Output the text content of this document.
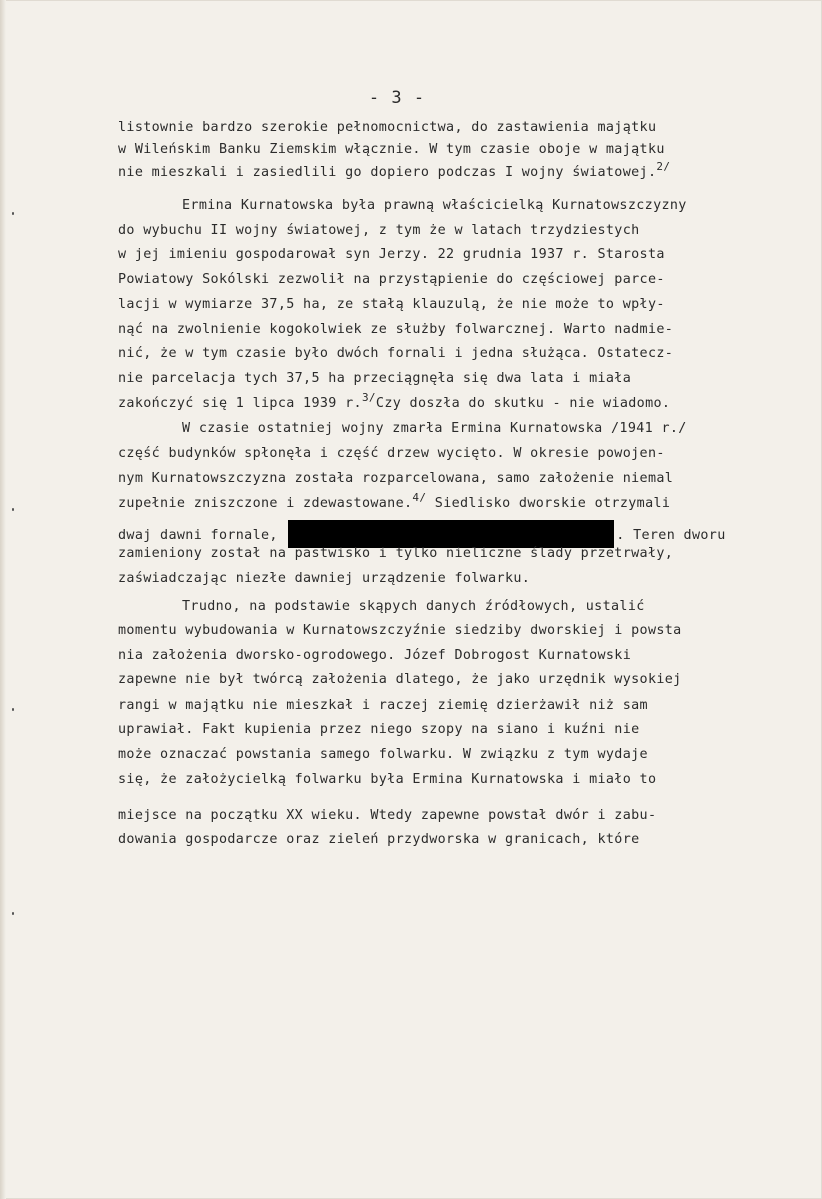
- 3 -
listownie bardzo szerokie pełnomocnictwa, do zastawienia majątku
w Wileńskim Banku Ziemskim włącznie. W tym czasie oboje w majątku
nie mieszkali i zasiedlili go dopiero podczas I wojny światowej.$^{2/}$
Ermina Kurnatowska była prawną właścicielką Kurnatowszczyzny
do wybuchu II wojny światowej, z tym że w latach trzydziestych
w jej imieniu gospodarował syn Jerzy. 22 grudnia 1937 r. Starosta
Powiatowy Sokólski zezwolił na przystąpienie do częściowej parce-
lacji w wymiarze 37,5 ha, ze stałą klauzulą, że nie może to wpły-
nąć na zwolnienie kogokolwiek ze służby folwarcznej. Warto nadmie-
nić, że w tym czasie było dwóch fornali i jedna służąca. Ostatecz-
nie parcelacja tych 37,5 ha przeciągnęła się dwa lata i miała
zakończyć się 1 lipca 1939 r.$^{3/}$Czy doszła do skutku - nie wiadomo.
W czasie ostatniej wojny zmarła Ermina Kurnatowska /1941 r./
część budynków spłonęła i część drzew wycięto. W okresie powojen-
nym Kurnatowszczyzna została rozparcelowana, samo założenie niemal
zupełnie zniszczone i zdewastowane.$^{4/}$ Siedlisko dworskie otrzymali
dwaj dawni fornale,	. Teren dworu
zamieniony został na pastwisko i tylko nieliczne ślady przetrwały,
zaświadczając niezłe dawniej urządzenie folwarku.
Trudno, na podstawie skąpych danych źródłowych, ustalić
momentu wybudowania w Kurnatowszczyźnie siedziby dworskiej i powsta
nia założenia dworsko-ogrodowego. Józef Dobrogost Kurnatowski
zapewne nie był twórcą założenia dlatego, że jako urzędnik wysokiej
rangi w majątku nie mieszkał i raczej ziemię dzierżawił niż sam
uprawiał. Fakt kupienia przez niego szopy na siano i kuźni nie
może oznaczać powstania samego folwarku. W związku z tym wydaje
się, że założycielką folwarku była Ermina Kurnatowska i miało to
miejsce na początku XX wieku. Wtedy zapewne powstał dwór i zabu-
dowania gospodarcze oraz zieleń przydworska w granicach, które
